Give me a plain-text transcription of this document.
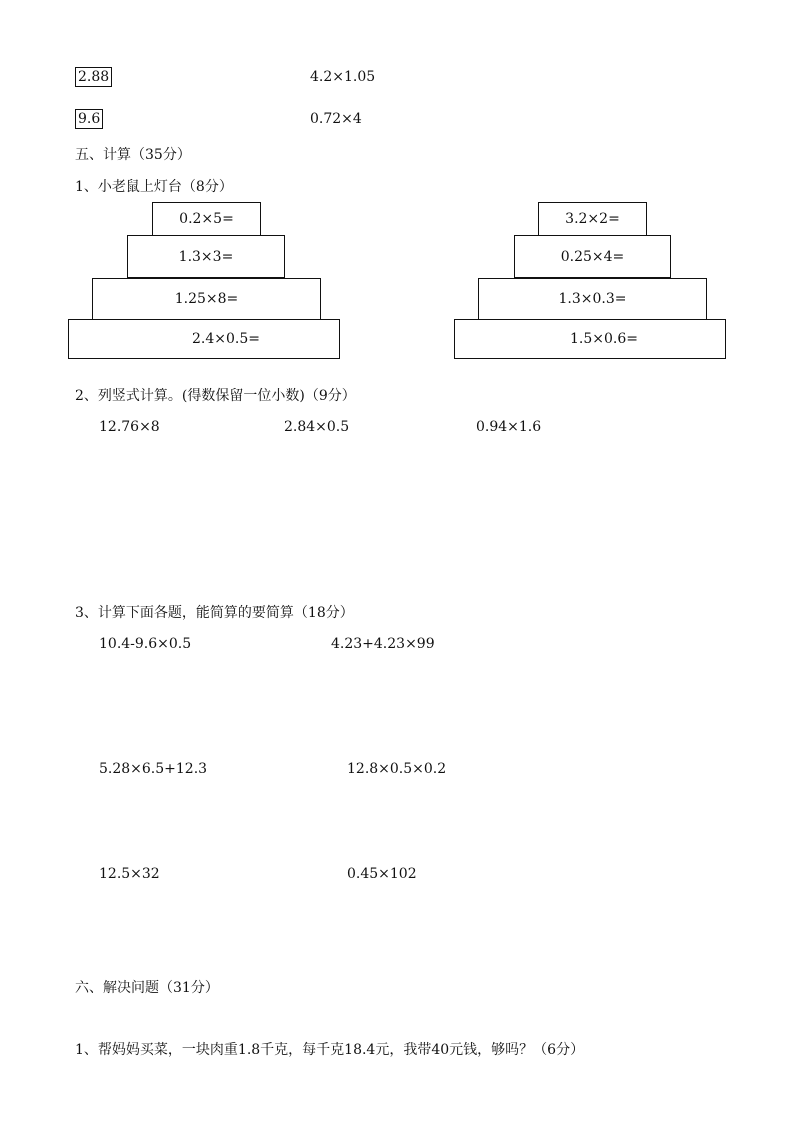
2.88	4.2×1.05
9.6	0.72×4
五、计算（35分）
1、小老鼠上灯台（8分）
0.2×5=
1.3×3=
1.25×8=
2.4×0.5=
3.2×2=
0.25×4=
1.3×0.3=
1.5×0.6=
2、列竖式计算。(得数保留一位小数)（9分）
12.76×8	2.84×0.5	0.94×1.6
3、计算下面各题，能简算的要简算（18分）
10.4-9.6×0.5	4.23+4.23×99
5.28×6.5+12.3	12.8×0.5×0.2
12.5×32	0.45×102
六、解决问题（31分）
1、帮妈妈买菜，一块肉重1.8千克，每千克18.4元，我带40元钱，够吗？（6分）
